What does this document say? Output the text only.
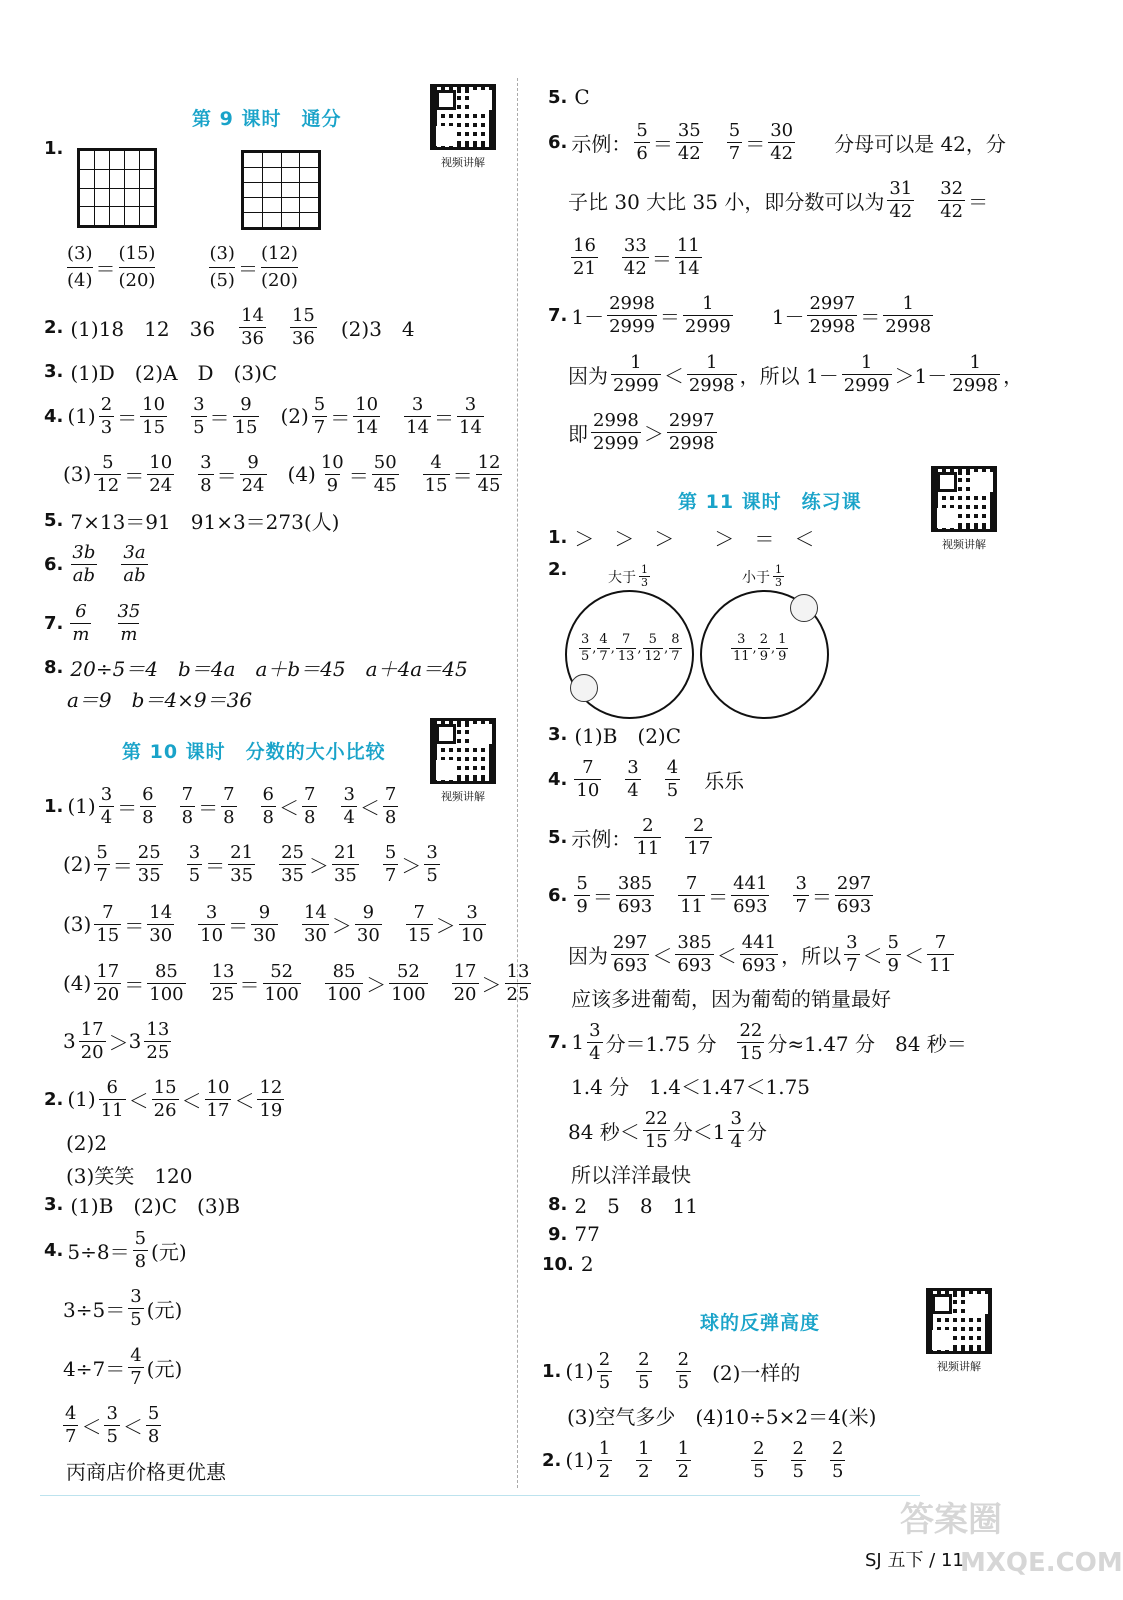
第 9 课时　通分
视频讲解
1.

$\frac{(3)}{(4)} = \frac{(15)}{(20)}$	$\frac{(3)}{(5)} = \frac{(12)}{(20)}$
2. (1)18　12　$36 \frac{14}{36} \frac{15}{36} (2)3$　4
3. (1)D　(2)A　D　(3)C
4. $(1) \frac{2}{3} = \frac{10}{15} \frac{3}{5} = \frac{9}{15} (2) \frac{5}{7} = \frac{10}{14} \frac{3}{14} = \frac{3}{14}$
$(3) \frac{5}{12} = \frac{10}{24} \frac{3}{8} = \frac{9}{24} (4) \frac{10}{9} = \frac{50}{45} \frac{4}{15} = \frac{12}{45}$
5. 7×13＝91　91×3＝273(人)
6. $\frac{3b}{ab} \frac{3a}{ab}$
7. $\frac{6}{m} \frac{35}{m}$
8. 20÷5＝4　b＝4a　a＋b＝45　a＋4a＝45
a＝9　b＝4×9＝36
第 10 课时　分数的大小比较
视频讲解
1. $(1) \frac{3}{4} = \frac{6}{8} \frac{7}{8} = \frac{7}{8} \frac{6}{8} < \frac{7}{8} \frac{3}{4} < \frac{7}{8}$
$(2) \frac{5}{7} = \frac{25}{35} \frac{3}{5} = \frac{21}{35} \frac{25}{35} > \frac{21}{35} \frac{5}{7} > \frac{3}{5}$
$(3) \frac{7}{15} = \frac{14}{30} \frac{3}{10} = \frac{9}{30} \frac{14}{30} > \frac{9}{30} \frac{7}{15} > \frac{3}{10}$
$(4) \frac{17}{20} = \frac{85}{100} \frac{13}{25} = \frac{52}{100} \frac{85}{100} > \frac{52}{100} \frac{17}{20} > \frac{13}{25}$
$3 \frac{17}{20} > 3 \frac{13}{25}$
2. $(1) \frac{6}{11} < \frac{15}{26} < \frac{10}{17} < \frac{12}{19}$
(2)2
(3)笑笑　120
3. (1)B　(2)C　(3)B
4. $5\div 8= \frac{5}{8}$ (元)
$3\div 5= \frac{3}{5}$ (元)
$4\div 7= \frac{4}{7}$ (元)
$\frac{4}{7} < \frac{3}{5} < \frac{5}{8}$
丙商店价格更优惠
5. C
6. 示例： $\frac{5}{6} = \frac{35}{42} \frac{5}{7} = \frac{30}{42}$ 分母可以是 42，分
子比 30 大比 35 小，即分数可以为 $\frac{31}{42} \frac{32}{42}$ ＝
$\frac{16}{21} \frac{33}{42} = \frac{11}{14}$
7. $1- \frac{2998}{2999} = \frac{1}{2999} 1- \frac{2997}{2998} = \frac{1}{2998}$
因为 $\frac{1}{2999} < \frac{1}{2998}$ ，所以 $1- \frac{1}{2999} >1- \frac{1}{2998}$ ，
即 $\frac{2998}{2999} > \frac{2997}{2998}$
第 11 课时　练习课
视频讲解
1. ＞　＞　＞　　＞　＝　＜
2.	大于 $\frac{1}{3}$	小于 $\frac{1}{3}$
$\frac{3}{5}$ , $\frac{4}{7}$ , $\frac{7}{13}$ , $\frac{5}{12}$ , $\frac{8}{7}$	$\frac{3}{11}$ , $\frac{2}{9}$ , $\frac{1}{9}$
3. (1)B　(2)C
4. $\frac{7}{10} \frac{3}{4} \frac{4}{5}$ 乐乐
5. 示例： $\frac{2}{11} \frac{2}{17}$
6. $\frac{5}{9} = \frac{385}{693} \frac{7}{11} = \frac{441}{693} \frac{3}{7} = \frac{297}{693}$
因为 $\frac{297}{693} < \frac{385}{693} < \frac{441}{693}$ ，所以 $\frac{3}{7} < \frac{5}{9} < \frac{7}{11}$
应该多进葡萄，因为葡萄的销量最好
7. $1 \frac{3}{4}$ 分＝1.75 分 $\frac{22}{15}$ 分≈1.47 分　84 秒＝
1.4 分　1.4＜1.47＜1.75
84 秒＜ $\frac{22}{15}$ 分$<1 \frac{3}{4}$ 分
所以洋洋最快
8. 2　5　8　11
9. 77
10. 2
球的反弹高度
视频讲解
1. $(1) \frac{2}{5} \frac{2}{5} \frac{2}{5} (2)$一样的
(3)空气多少　(4)10÷5×2＝4(米)
2. $(1) \frac{1}{2} \frac{1}{2} \frac{1}{2}$	$\frac{2}{5} \frac{2}{5} \frac{2}{5}$
答案圈
MXQE.COM
SJ 五下 / 11
